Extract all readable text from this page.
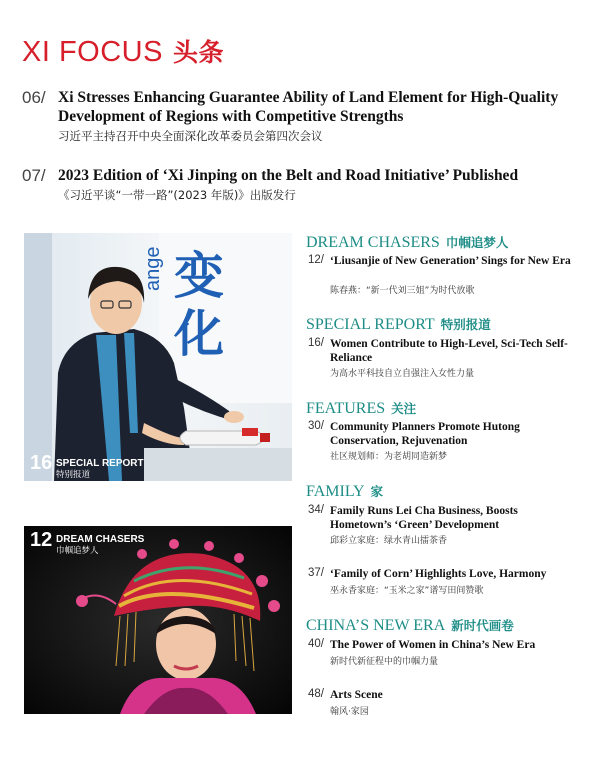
XI FOCUS 头条
06/ Xi Stresses Enhancing Guarantee Ability of Land Element for High-Quality Development of Regions with Competitive Strengths
习近平主持召开中央全面深化改革委员会第四次会议
07/ 2023 Edition of ‘Xi Jinping on the Belt and Road Initiative’ Published
《习近平谈“一带一路”(2023 年版)》出版发行
变
化
ange
16 SPECIAL REPORT
特别报道
12 DREAM CHASERS
巾帼追梦人
DREAM CHASERS 巾帼追梦人
12/ ‘Liusanjie of New Generation’ Sings for New Era
陈春燕：“新一代刘三姐”为时代放歌
SPECIAL REPORT 特别报道
16/ Women Contribute to High-Level, Sci-Tech Self-Reliance
为高水平科技自立自强注入女性力量
FEATURES 关注
30/ Community Planners Promote Hutong Conservation, Rejuvenation
社区规划师：为老胡同造新梦
FAMILY 家
34/ Family Runs Lei Cha Business, Boosts Hometown’s ‘Green’ Development
邱彩立家庭：绿水青山擂茶香
37/ ‘Family of Corn’ Highlights Love, Harmony
巫永香家庭：“玉米之家”谱写田间赞歌
CHINA’S NEW ERA 新时代画卷
40/ The Power of Women in China’s New Era
新时代新征程中的巾帼力量
48/ Arts Scene
翰风·家园
